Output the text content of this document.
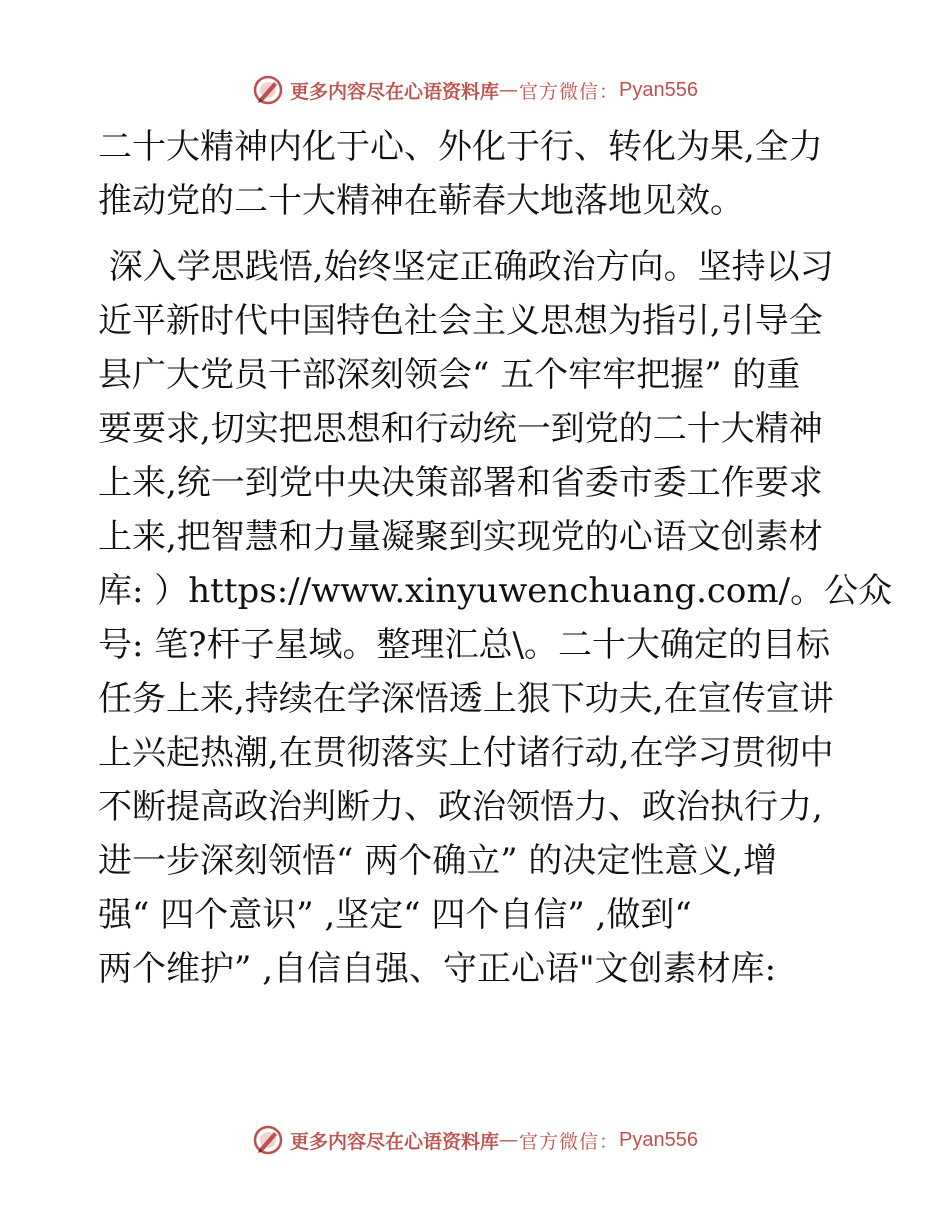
更多内容尽在心语资料库 — 官方微信： Pyan556

二十大精神内化于心、外化于行、转化为果,全力

推动党的二十大精神在蕲春大地落地见效。

深入学思践悟,始终坚定正确政治方向。坚持以习

近平新时代中国特色社会主义思想为指引,引导全

县广大党员干部深刻领会“ 五个牢牢把握” 的重

要要求,切实把思想和行动统一到党的二十大精神

上来,统一到党中央决策部署和省委市委工作要求

上来,把智慧和力量凝聚到实现党的心语文创素材

库: ）https://www.xinyuwenchuang.com/。公众

号: 笔?杆子星域。整理汇总\。二十大确定的目标

任务上来,持续在学深悟透上狠下功夫,在宣传宣讲

上兴起热潮,在贯彻落实上付诸行动,在学习贯彻中

不断提高政治判断力、政治领悟力、政治执行力,

进一步深刻领悟“ 两个确立” 的决定性意义,增

强“ 四个意识” ,坚定“ 四个自信” ,做到“

两个维护” ,自信自强、守正心语"文创素材库:

更多内容尽在心语资料库 — 官方微信： Pyan556
